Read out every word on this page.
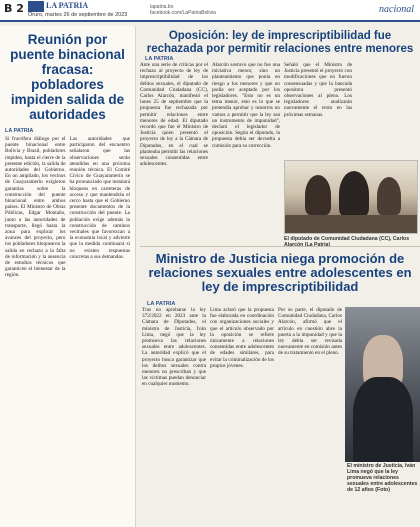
B 2	LA PATRIA
Oruro, martes 26 de septiembre de 2023
lapatria.bo facebook.com/LaPatriaBolivia	nacional
Reunión por puente binacional fracasa: pobladores impiden salida de autoridades
LA PATRIA

Si fructífera diálogo por el puente binacional entre Bolivia y Brasil, pobladores impiden, hasta el cierre de la presente edición, la salida de autoridades del Gobierno. En un ampliado, los vecinos de Guayaramerín exigieron garantías sobre la construcción del puente binacional entre ambos países. El Ministro de Obras Públicas, Edgar Montaño, junto a las autoridades de transporte, llegó hasta la zona para explicar los avances del proyecto, pero los pobladores bloquearon la salida en rechazo a la falta de información y la ausencia de estudios técnicos que garanticen el bienestar de la región.

Las autoridades que participaron del encuentro señalaron que las observaciones serán atendidas en una próxima reunión técnica. El Comité Cívico de Guayaramerín se ha pronunciado que instalará bloqueos en carreteras de acceso y que mantendrán el cerco hasta que el Gobierno presente documentos de la construcción del puente. La población exige además la construcción de caminos vecinales que favorezcan a la economía local y advierte que la medida continuará si no existen respuestas concretas a sus demandas.

Oposición: ley de imprescriptibilidad fue rechazada por permitir relaciones entre menores
LA PATRIA
Ante una serie de críticas por el rechazo al proyecto de ley de imprescriptibilidad de los delitos sexuales, el diputado de Comunidad Ciudadana (CC), Carlos Alarcón, manifestó el lunes 25 de septiembre que la propuesta fue rechazada por permitir relaciones entre menores de edad. El diputado recordó que fue el Ministro de Justicia quien presentó el proyecto de ley a la Cámara de Diputados, en el cual se planteaba permitir las relaciones sexuales consentidas entre adolescentes.
Alarcón sostuvo que no fue una iniciativa menor, sino un planteamiento que ponía en riesgo a los menores y que no podía ser aceptado por los legisladores. "Esto no es un tema menor, esto es lo que se pretendía aprobar y nosotros no vamos a permitir que la ley sea un instrumento de impunidad", declaró el legislador de oposición. Según el diputado, la propuesta debía ser devuelta a comisión para su corrección.
Señaló que el Ministro de Justicia presentó el proyecto con modificaciones que no fueron consensuadas y que la bancada opositora presentó observaciones al pleno. Los legisladores analizarán nuevamente el texto en las próximas semanas.
El diputado de Comunidad Ciudadana (CC), Carlos Alarcón (La Patria)
Ministro de Justicia niega promoción de relaciones sexuales entre adolescentes en ley de imprescriptibilidad
LA PATRIA
Tras no aprobarse la ley 372/2022 en 2023 ante la Cámara de Diputados, el ministro de Justicia, Iván Lima, negó que la ley promueva las relaciones sexuales entre adolescentes. La autoridad explicó que el proyecto busca garantizar que los delitos sexuales contra menores no prescriban y que las víctimas puedan denunciar en cualquier momento.
Lima aclaró que la propuesta fue elaborada en coordinación con organizaciones sociales y que el artículo observado por la oposición se refiere únicamente a relaciones consentidas entre adolescentes de edades similares, para evitar la criminalización de los propios jóvenes.
Por su parte, el diputado de Comunidad Ciudadana, Carlos Alarcón, afirmó que el artículo en cuestión abre la puerta a la impunidad y que la ley debía ser revisada nuevamente en comisión antes de su tratamiento en el pleno.
El ministro de Justicia, Iván Lima negó que la ley promueva relaciones sexuales entre adolescentes de 12 años (Foto)
